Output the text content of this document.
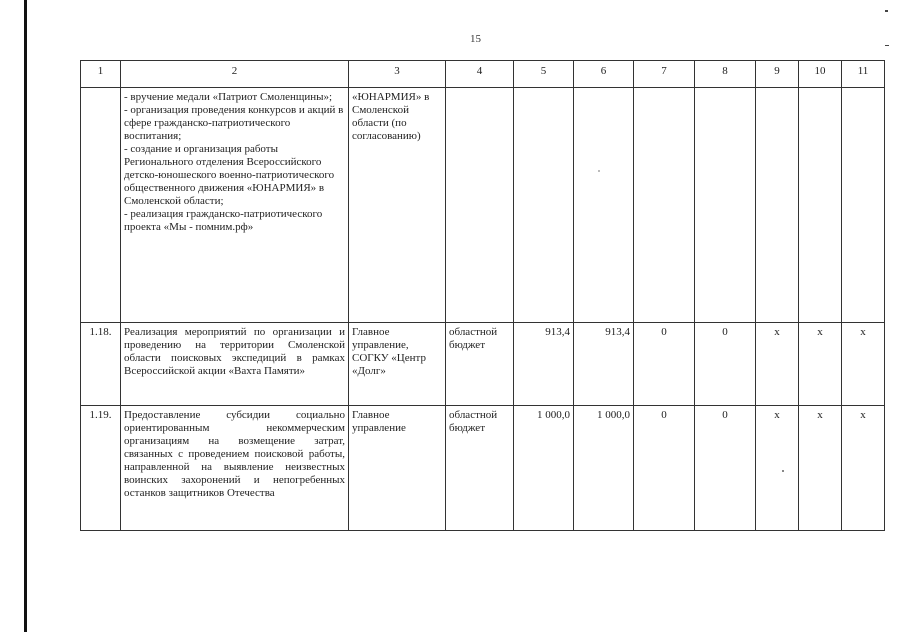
15
1	2	3	4	5	6	7	8	9	10	11

	- вручение медали «Патриот Смоленщины»;
- организация проведения конкурсов и акций в сфере гражданско-патриотического воспитания;
- создание и организация работы Регионального отделения Всероссийского детско-юношеского военно-патриотического общественного движения «ЮНАРМИЯ» в Смоленской области;
- реализация гражданско-патриотического проекта «Мы - помним.рф»	«ЮНАРМИЯ» в Смоленской области (по согласованию)								
1.18.	Реализация мероприятий по организации и проведению на территории Смоленской области поисковых экспедиций в рамках Всероссийской акции «Вахта Памяти»	Главное управление, СОГКУ «Центр «Долг»	областной бюджет	913,4	913,4	0	0	х	х	х
1.19.	Предоставление субсидии социально ориентированным некоммерческим организациям на возмещение затрат, связанных с проведением поисковой работы, направленной на выявление неизвестных воинских захоронений и непогребенных останков защитников Отечества	Главное управление	областной бюджет	1 000,0	1 000,0	0	0	х	х	х
